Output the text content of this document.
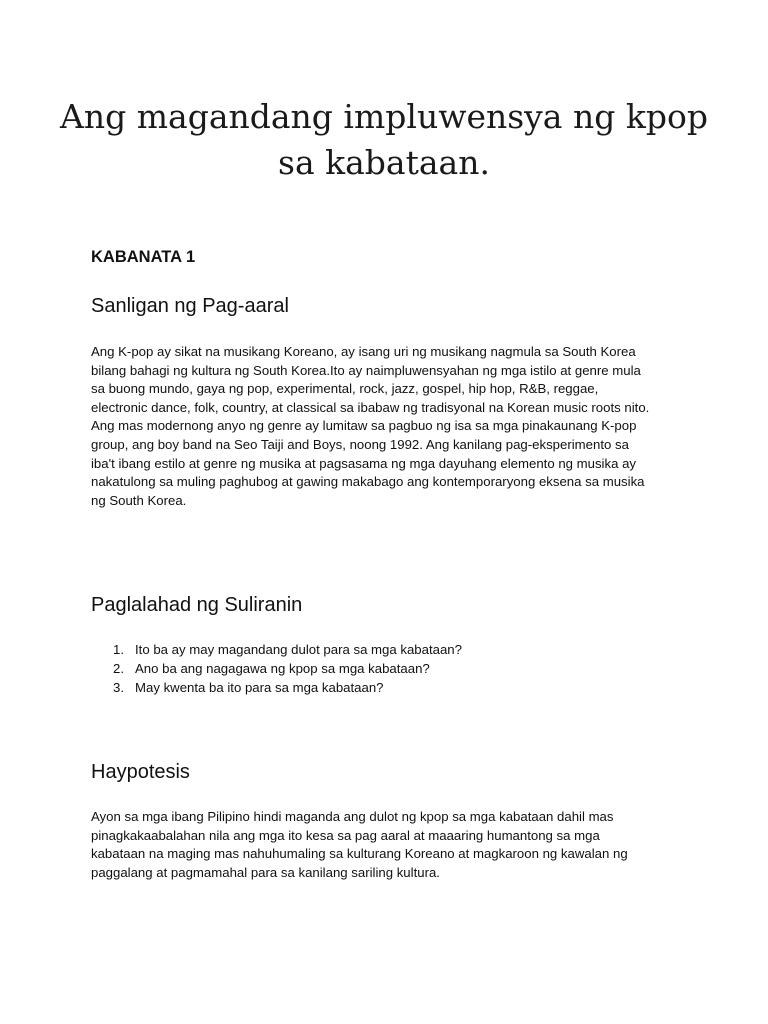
Ang magandang impluwensya ng kpop
sa kabataan.
KABANATA 1
Sanligan ng Pag-aaral

Ang K-pop ay sikat na musikang Koreano, ay isang uri ng musikang nagmula sa South Korea
bilang bahagi ng kultura ng South Korea.Ito ay naimpluwensyahan ng mga istilo at genre mula
sa buong mundo, gaya ng pop, experimental, rock, jazz, gospel, hip hop, R&B, reggae,
electronic dance, folk, country, at classical sa ibabaw ng tradisyonal na Korean music roots nito.
Ang mas modernong anyo ng genre ay lumitaw sa pagbuo ng isa sa mga pinakaunang K-pop
group, ang boy band na Seo Taiji and Boys, noong 1992. Ang kanilang pag-eksperimento sa
iba't ibang estilo at genre ng musika at pagsasama ng mga dayuhang elemento ng musika ay
nakatulong sa muling paghubog at gawing makabago ang kontemporaryong eksena sa musika
ng South Korea.

Paglalahad ng Suliranin
1. Ito ba ay may magandang dulot para sa mga kabataan?
2. Ano ba ang nagagawa ng kpop sa mga kabataan?
3. May kwenta ba ito para sa mga kabataan?
Haypotesis

Ayon sa mga ibang Pilipino hindi maganda ang dulot ng kpop sa mga kabataan dahil mas
pinagkakaabalahan nila ang mga ito kesa sa pag aaral at maaaring humantong sa mga
kabataan na maging mas nahuhumaling sa kulturang Koreano at magkaroon ng kawalan ng
paggalang at pagmamahal para sa kanilang sariling kultura.
